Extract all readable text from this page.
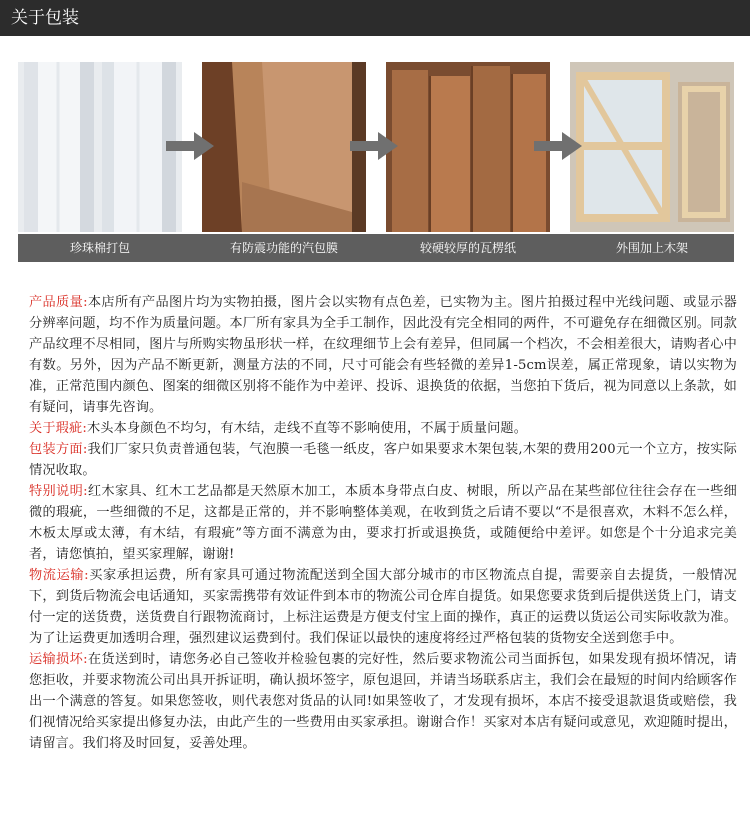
关于包装
珍珠棉打包	有防震功能的汽包膜	较硬较厚的瓦楞纸	外围加上木架

产品质量:本店所有产品图片均为实物拍摄，图片会以实物有点色差，已实物为主。图片拍摄过程中光线问题、或显示器分辨率问题，均不作为质量问题。本厂所有家具为全手工制作，因此没有完全相同的两件，不可避免存在细微区别。同款产品纹理不尽相同，图片与所购实物虽形状一样，在纹理细节上会有差异，但同属一个档次，不会相差很大，请购者心中有数。另外，因为产品不断更新，测量方法的不同，尺寸可能会有些轻微的差异1-5cm误差，属正常现象，请以实物为准，正常范围内颜色、图案的细微区别将不能作为中差评、投诉、退换货的依据，当您拍下货后，视为同意以上条款，如有疑问，请事先咨询。

关于瑕疵:木头本身颜色不均匀，有木结，走线不直等不影响使用，不属于质量问题。

包装方面:我们厂家只负责普通包装，气泡膜一毛毯一纸皮，客户如果要求木架包装,木架的费用200元一个立方，按实际情况收取。

特别说明:红木家具、红木工艺品都是天然原木加工，本质本身带点白皮、树眼，所以产品在某些部位往往会存在一些细微的瑕疵，一些细微的不足，这都是正常的，并不影响整体美观，在收到货之后请不要以“不是很喜欢，木料不怎么样，木板太厚或太薄，有木结，有瑕疵”等方面不满意为由，要求打折或退换货，或随便给中差评。如您是个十分追求完美者，请您慎拍，望买家理解，谢谢!

物流运输:买家承担运费，所有家具可通过物流配送到全国大部分城市的市区物流点自提，需要亲自去提货，一般情况下，到货后物流会电话通知，买家需携带有效证件到本市的物流公司仓库自提货。如果您要求货到后提供送货上门，请支付一定的送货费，送货费自行跟物流商讨，上标注运费是方便支付宝上面的操作，真正的运费以货运公司实际收款为准。为了让运费更加透明合理，强烈建议运费到付。我们保证以最快的速度将经过严格包装的货物安全送到您手中。

运输损坏:在货送到时，请您务必自己签收并检验包裹的完好性，然后要求物流公司当面拆包，如果发现有损坏情况，请您拒收，并要求物流公司出具开拆证明，确认损坏签字，原包退回，并请当场联系店主，我们会在最短的时间内给顾客作出一个满意的答复。如果您签收，则代表您对货品的认同!如果签收了，才发现有损坏，本店不接受退款退货或赔偿，我们视情况给买家提出修复办法，由此产生的一些费用由买家承担。谢谢合作！买家对本店有疑问或意见，欢迎随时提出，请留言。我们将及时回复，妥善处理。
